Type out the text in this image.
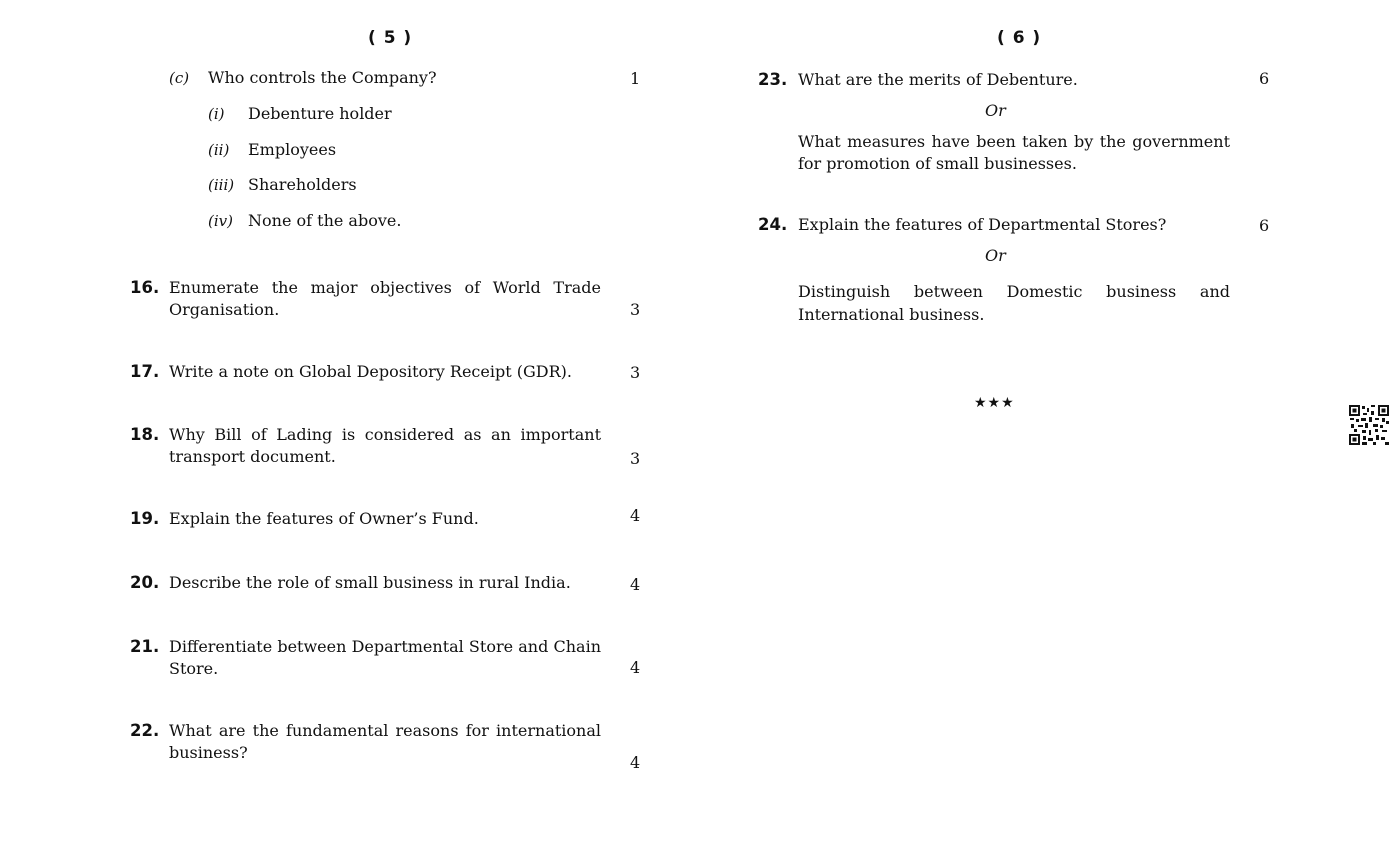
( 5 )
(c) Who controls the Company?	1
(i) Debenture holder
(ii) Employees
(iii) Shareholders
(iv) None of the above.
16. Enumerate the major objectives of World Trade Organisation.	3
17. Write a note on Global Depository Receipt (GDR).	3
18. Why Bill of Lading is considered as an important transport document.	3
19. Explain the features of Owner’s Fund.	4
20. Describe the role of small business in rural India.	4
21. Differentiate between Departmental Store and Chain Store.	4
22. What are the fundamental reasons for international business?
4
( 6 )
23. What are the merits of Debenture.	6
Or
What measures have been taken by the government for promotion of small businesses.
24. Explain the features of Departmental Stores?	6
Or
Distinguish between Domestic business and International business.
★★★
